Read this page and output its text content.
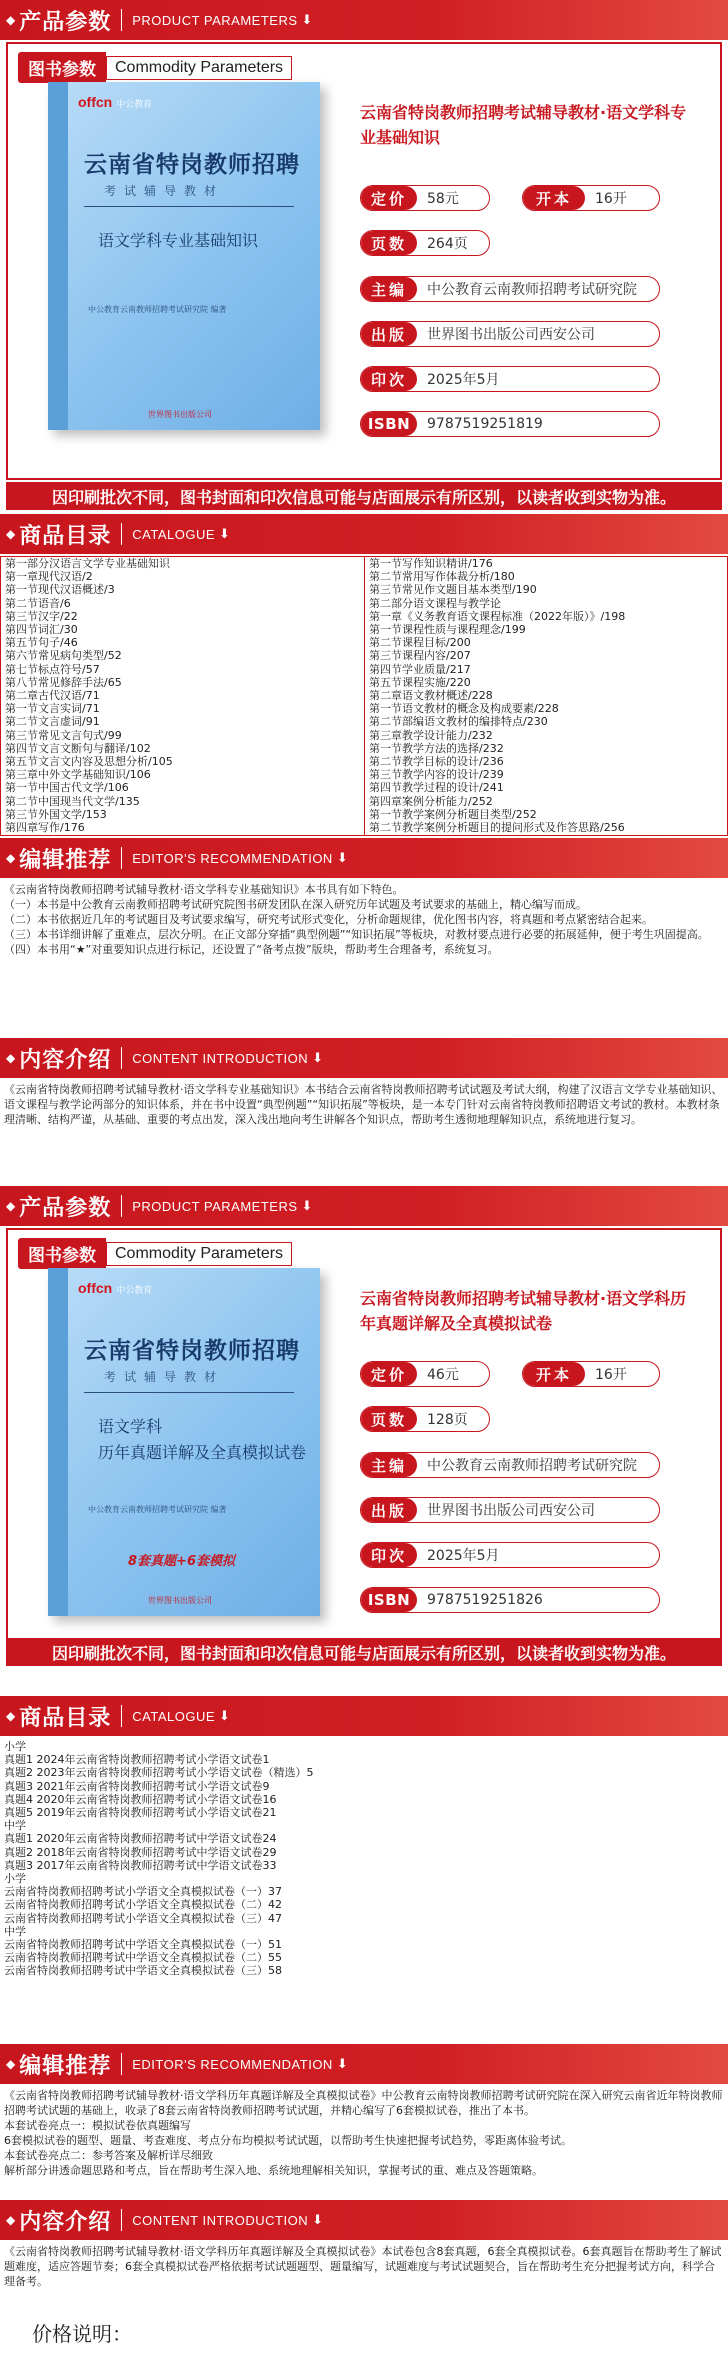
◆ 产品参数 PRODUCT PARAMETERS ⬇
图书参数	Commodity Parameters
offcn 中公教育
云南省特岗教师招聘
考试辅导教材
语文学科专业基础知识
中公教育云南教师招聘考试研究院 编著
世界图书出版公司
云南省特岗教师招聘考试辅导教材·语文学科专业基础知识
定价	58元	开本	16开
页数	264页
主编	中公教育云南教师招聘考试研究院
出版	世界图书出版公司西安公司
印次	2025年5月
ISBN	9787519251819
因印刷批次不同，图书封面和印次信息可能与店面展示有所区别，以读者收到实物为准。
◆ 商品目录 CATALOGUE ⬇
第一部分汉语言文学专业基础知识
第一章现代汉语/2
第一节现代汉语概述/3
第二节语音/6
第三节汉字/22
第四节词汇/30
第五节句子/46
第六节常见病句类型/52
第七节标点符号/57
第八节常见修辞手法/65
第二章古代汉语/71
第一节文言实词/71
第二节文言虚词/91
第三节常见文言句式/99
第四节文言文断句与翻译/102
第五节文言文内容及思想分析/105
第三章中外文学基础知识/106
第一节中国古代文学/106
第二节中国现当代文学/135
第三节外国文学/153
第四章写作/176
第一节写作知识精讲/176
第二节常用写作体裁分析/180
第三节常见作文题目基本类型/190
第二部分语文课程与教学论
第一章《义务教育语文课程标准（2022年版）》/198
第一节课程性质与课程理念/199
第二节课程目标/200
第三节课程内容/207
第四节学业质量/217
第五节课程实施/220
第二章语文教材概述/228
第一节语文教材的概念及构成要素/228
第二节部编语文教材的编排特点/230
第三章教学设计能力/232
第一节教学方法的选择/232
第二节教学目标的设计/236
第三节教学内容的设计/239
第四节教学过程的设计/241
第四章案例分析能力/252
第一节教学案例分析题目类型/252
第二节教学案例分析题目的提问形式及作答思路/256
◆ 编辑推荐 EDITOR'S RECOMMENDATION ⬇
《云南省特岗教师招聘考试辅导教材·语文学科专业基础知识》本书具有如下特色。
（一）本书是中公教育云南教师招聘考试研究院图书研发团队在深入研究历年试题及考试要求的基础上，精心编写而成。
（二）本书依据近几年的考试题目及考试要求编写，研究考试形式变化，分析命题规律，优化图书内容，将真题和考点紧密结合起来。
（三）本书详细讲解了重难点，层次分明。在正文部分穿插“典型例题”“知识拓展”等板块，对教材要点进行必要的拓展延伸，便于考生巩固提高。
（四）本书用“★”对重要知识点进行标记，还设置了“备考点拨”版块，帮助考生合理备考，系统复习。
◆ 内容介绍 CONTENT INTRODUCTION ⬇
《云南省特岗教师招聘考试辅导教材·语文学科专业基础知识》本书结合云南省特岗教师招聘考试试题及考试大纲，构建了汉语言文学专业基础知识、语文课程与教学论两部分的知识体系，并在书中设置“典型例题”“知识拓展”等板块，是一本专门针对云南省特岗教师招聘语文考试的教材。本教材条理清晰、结构严谨，从基础、重要的考点出发，深入浅出地向考生讲解各个知识点，帮助考生透彻地理解知识点，系统地进行复习。
◆ 产品参数 PRODUCT PARAMETERS ⬇
图书参数	Commodity Parameters
offcn 中公教育
云南省特岗教师招聘
考试辅导教材
语文学科
历年真题详解及全真模拟试卷
中公教育云南教师招聘考试研究院 编著
8套真题+6套模拟
世界图书出版公司
云南省特岗教师招聘考试辅导教材·语文学科历年真题详解及全真模拟试卷
定价	46元	开本	16开
页数	128页
主编	中公教育云南教师招聘考试研究院
出版	世界图书出版公司西安公司
印次	2025年5月
ISBN	9787519251826
因印刷批次不同，图书封面和印次信息可能与店面展示有所区别，以读者收到实物为准。
◆ 商品目录 CATALOGUE ⬇
小学
真题1 2024年云南省特岗教师招聘考试小学语文试卷1
真题2 2023年云南省特岗教师招聘考试小学语文试卷（精选）5
真题3 2021年云南省特岗教师招聘考试小学语文试卷9
真题4 2020年云南省特岗教师招聘考试小学语文试卷16
真题5 2019年云南省特岗教师招聘考试小学语文试卷21
中学
真题1 2020年云南省特岗教师招聘考试中学语文试卷24
真题2 2018年云南省特岗教师招聘考试中学语文试卷29
真题3 2017年云南省特岗教师招聘考试中学语文试卷33
小学
云南省特岗教师招聘考试小学语文全真模拟试卷（一）37
云南省特岗教师招聘考试小学语文全真模拟试卷（二）42
云南省特岗教师招聘考试小学语文全真模拟试卷（三）47
中学
云南省特岗教师招聘考试中学语文全真模拟试卷（一）51
云南省特岗教师招聘考试中学语文全真模拟试卷（二）55
云南省特岗教师招聘考试中学语文全真模拟试卷（三）58
◆ 编辑推荐 EDITOR'S RECOMMENDATION ⬇
《云南省特岗教师招聘考试辅导教材·语文学科历年真题详解及全真模拟试卷》中公教育云南特岗教师招聘考试研究院在深入研究云南省近年特岗教师招聘考试试题的基础上，收录了8套云南省特岗教师招聘考试试题，并精心编写了6套模拟试卷，推出了本书。
本套试卷亮点一：模拟试卷依真题编写
6套模拟试卷的题型、题量、考查难度、考点分布均模拟考试试题，以帮助考生快速把握考试趋势，零距离体验考试。
本套试卷亮点二：参考答案及解析详尽细致
解析部分讲透命题思路和考点，旨在帮助考生深入地、系统地理解相关知识，掌握考试的重、难点及答题策略。
◆ 内容介绍 CONTENT INTRODUCTION ⬇
《云南省特岗教师招聘考试辅导教材·语文学科历年真题详解及全真模拟试卷》本试卷包含8套真题，6套全真模拟试卷。6套真题旨在帮助考生了解试题难度，适应答题节奏；6套全真模拟试卷严格依据考试试题题型、题量编写，试题难度与考试试题契合，旨在帮助考生充分把握考试方向，科学合理备考。
价格说明：
